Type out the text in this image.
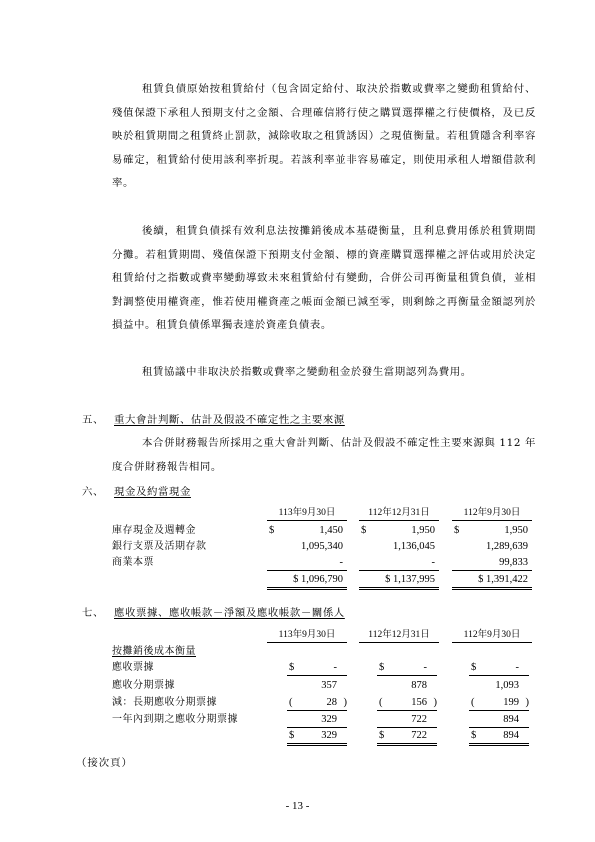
租賃負債原始按租賃給付（包含固定給付、取決於指數或費率之變動租賃給付、殘值保證下承租人預期支付之金額、合理確信將行使之購買選擇權之行使價格，及已反映於租賃期間之租賃終止罰款，減除收取之租賃誘因）之現值衡量。若租賃隱含利率容易確定，租賃給付使用該利率折現。若該利率並非容易確定，則使用承租人增額借款利率。

後續，租賃負債採有效利息法按攤銷後成本基礎衡量，且利息費用係於租賃期間分攤。若租賃期間、殘值保證下預期支付金額、標的資產購買選擇權之評估或用於決定租賃給付之指數或費率變動導致未來租賃給付有變動，合併公司再衡量租賃負債，並相對調整使用權資產，惟若使用權資產之帳面金額已減至零，則剩餘之再衡量金額認列於損益中。租賃負債係單獨表達於資產負債表。

租賃協議中非取決於指數或費率之變動租金於發生當期認列為費用。

五、 重大會計判斷、估計及假設不確定性之主要來源

本合併財務報告所採用之重大會計判斷、估計及假設不確定性主要來源與 112 年度合併財務報告相同。

六、 現金及約當現金
113年9月30日	112年12月31日	112年9月30日
庫存現金及週轉金	$	1,450 $	1,950 $	1,950
銀行支票及活期存款	1,095,340	1,136,045	1,289,639
商業本票	-	-	99,833
$ 1,096,790	$ 1,137,995	$ 1,391,422
七、 應收票據、應收帳款－淨額及應收帳款－關係人
113年9月30日	112年12月31日	112年9月30日
按攤銷後成本衡量
應收票據	$	-	$	-	$	-
應收分期票據	357	878	1,093
減：長期應收分期票據	(	28 )	(	156 )	(	199 )
一年內到期之應收分期票據	329	722	894
$	329	$	722	$	894
（接次頁）
- 13 -
